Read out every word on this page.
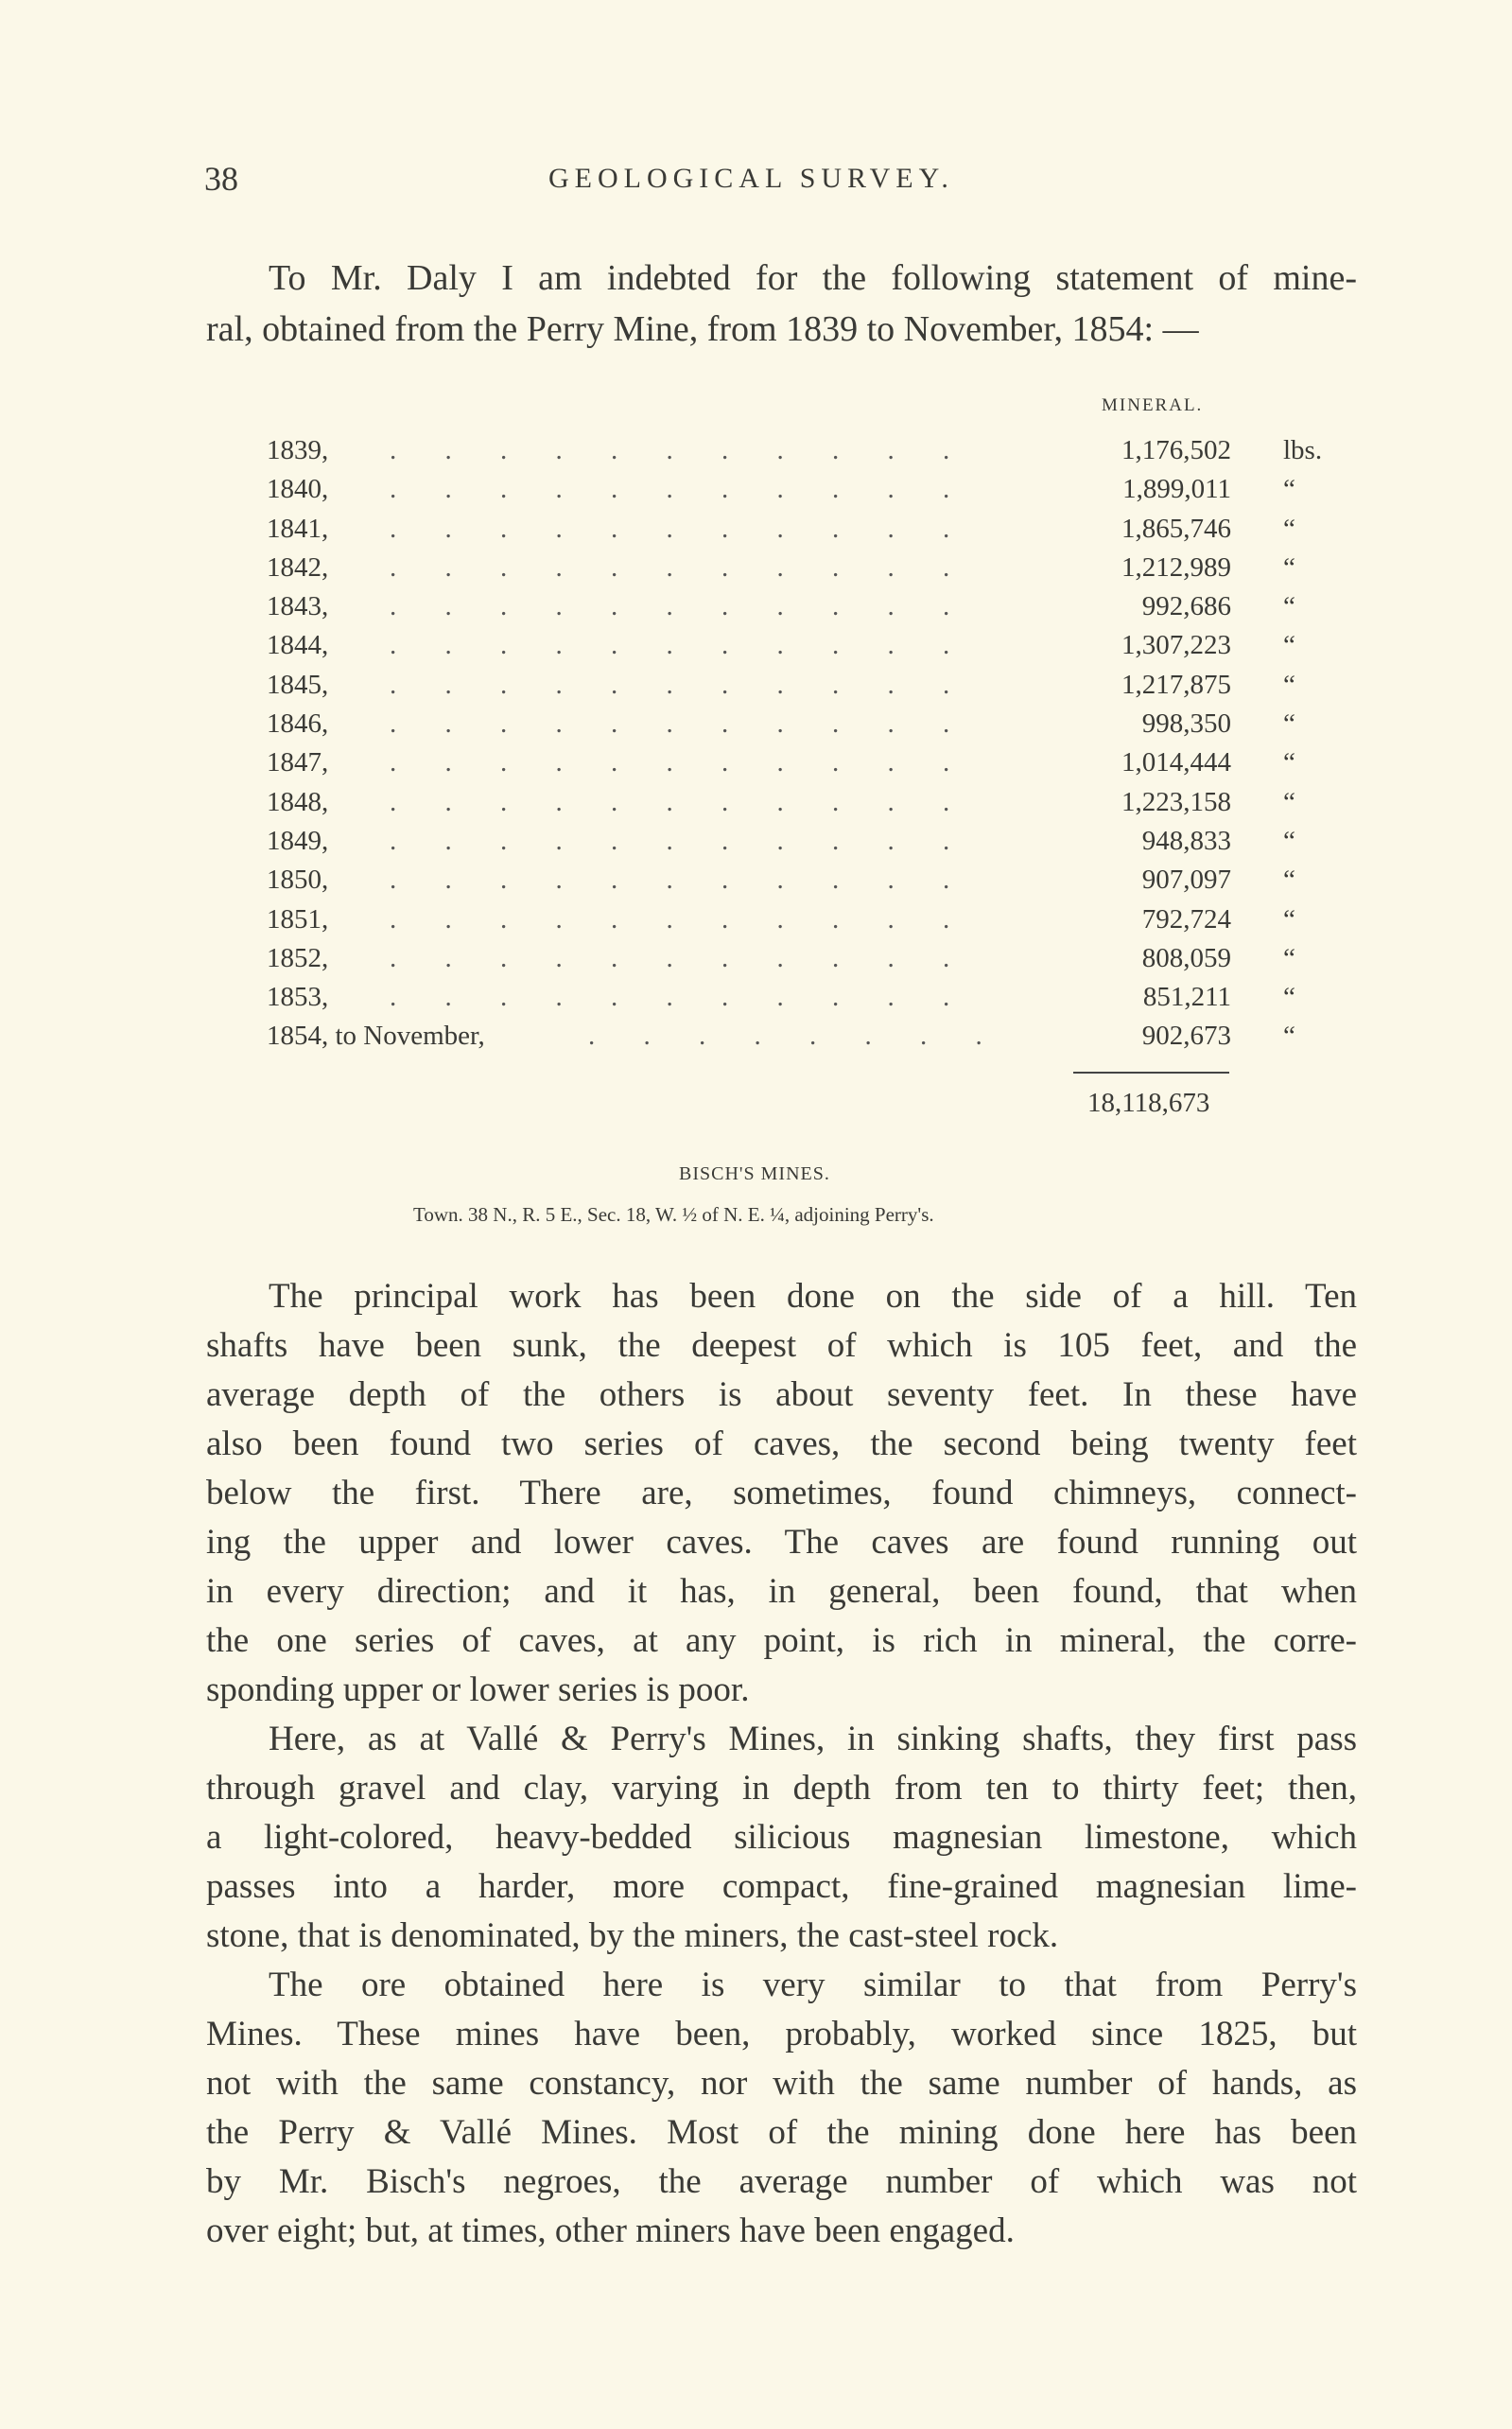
38	GEOLOGICAL SURVEY.
To Mr. Daly I am indebted for the following statement of mine-
ral, obtained from the Perry Mine, from 1839 to November, 1854: —
MINERAL.
1839, . . . . . . . . . . .	1,176,502 lbs.
1840, . . . . . . . . . . .	1,899,011 “
1841, . . . . . . . . . . .	1,865,746 “
1842, . . . . . . . . . . .	1,212,989 “
1843, . . . . . . . . . . .	992,686 “
1844, . . . . . . . . . . .	1,307,223 “
1845, . . . . . . . . . . .	1,217,875 “
1846, . . . . . . . . . . .	998,350 “
1847, . . . . . . . . . . .	1,014,444 “
1848, . . . . . . . . . . .	1,223,158 “
1849, . . . . . . . . . . .	948,833 “
1850, . . . . . . . . . . .	907,097 “
1851, . . . . . . . . . . .	792,724 “
1852, . . . . . . . . . . .	808,059 “
1853, . . . . . . . . . . .	851,211 “
1854, to November,	. . . . . . . .	902,673 “
18,118,673
BISCH'S MINES.
Town. 38 N., R. 5 E., Sec. 18, W. ½ of N. E. ¼, adjoining Perry's.
The principal work has been done on the side of a hill. Ten
shafts have been sunk, the deepest of which is 105 feet, and the
average depth of the others is about seventy feet. In these have
also been found two series of caves, the second being twenty feet
below the first. There are, sometimes, found chimneys, connect-
ing the upper and lower caves. The caves are found running out
in every direction; and it has, in general, been found, that when
the one series of caves, at any point, is rich in mineral, the corre-
sponding upper or lower series is poor.
Here, as at Vallé & Perry's Mines, in sinking shafts, they first pass
through gravel and clay, varying in depth from ten to thirty feet; then,
a light-colored, heavy-bedded silicious magnesian limestone, which
passes into a harder, more compact, fine-grained magnesian lime-
stone, that is denominated, by the miners, the cast-steel rock.
The ore obtained here is very similar to that from Perry's
Mines. These mines have been, probably, worked since 1825, but
not with the same constancy, nor with the same number of hands, as
the Perry & Vallé Mines. Most of the mining done here has been
by Mr. Bisch's negroes, the average number of which was not
over eight; but, at times, other miners have been engaged.
